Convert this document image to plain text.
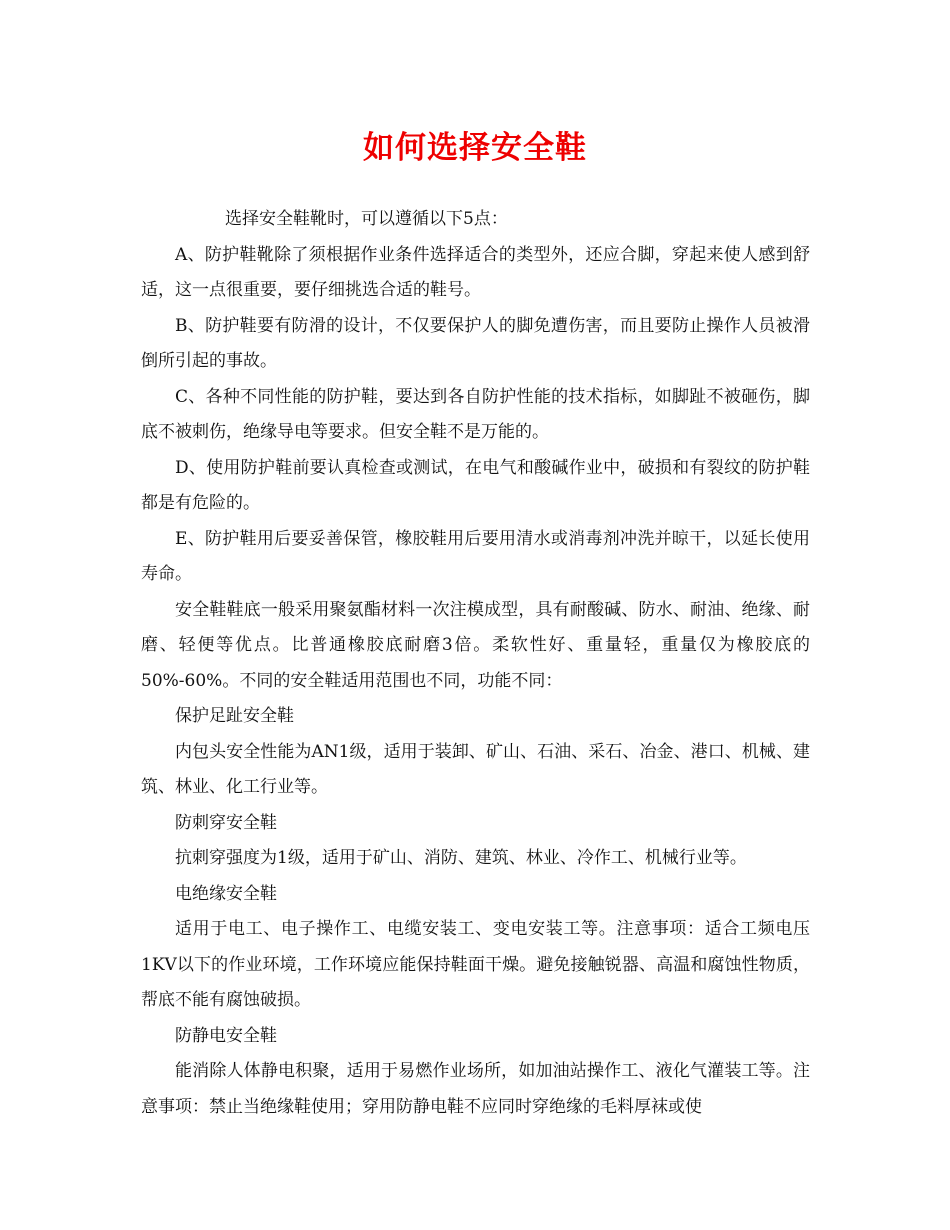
如何选择安全鞋

选择安全鞋靴时，可以遵循以下5点：

A、防护鞋靴除了须根据作业条件选择适合的类型外，还应合脚，穿起来使人感到舒适，这一点很重要，要仔细挑选合适的鞋号。

B、防护鞋要有防滑的设计，不仅要保护人的脚免遭伤害，而且要防止操作人员被滑倒所引起的事故。

C、各种不同性能的防护鞋，要达到各自防护性能的技术指标，如脚趾不被砸伤，脚底不被刺伤，绝缘导电等要求。但安全鞋不是万能的。

D、使用防护鞋前要认真检查或测试，在电气和酸碱作业中，破损和有裂纹的防护鞋都是有危险的。

E、防护鞋用后要妥善保管，橡胶鞋用后要用清水或消毒剂冲洗并晾干，以延长使用寿命。

安全鞋鞋底一般采用聚氨酯材料一次注模成型，具有耐酸碱、防水、耐油、绝缘、耐磨、轻便等优点。比普通橡胶底耐磨3倍。柔软性好、重量轻，重量仅为橡胶底的50%-60%。不同的安全鞋适用范围也不同，功能不同：

保护足趾安全鞋

内包头安全性能为AN1级，适用于装卸、矿山、石油、采石、冶金、港口、机械、建筑、林业、化工行业等。

防刺穿安全鞋

抗刺穿强度为1级，适用于矿山、消防、建筑、林业、冷作工、机械行业等。

电绝缘安全鞋

适用于电工、电子操作工、电缆安装工、变电安装工等。注意事项：适合工频电压1KV以下的作业环境，工作环境应能保持鞋面干燥。避免接触锐器、高温和腐蚀性物质，帮底不能有腐蚀破损。

防静电安全鞋

能消除人体静电积聚，适用于易燃作业场所，如加油站操作工、液化气灌装工等。注意事项：禁止当绝缘鞋使用；穿用防静电鞋不应同时穿绝缘的毛料厚袜或使
